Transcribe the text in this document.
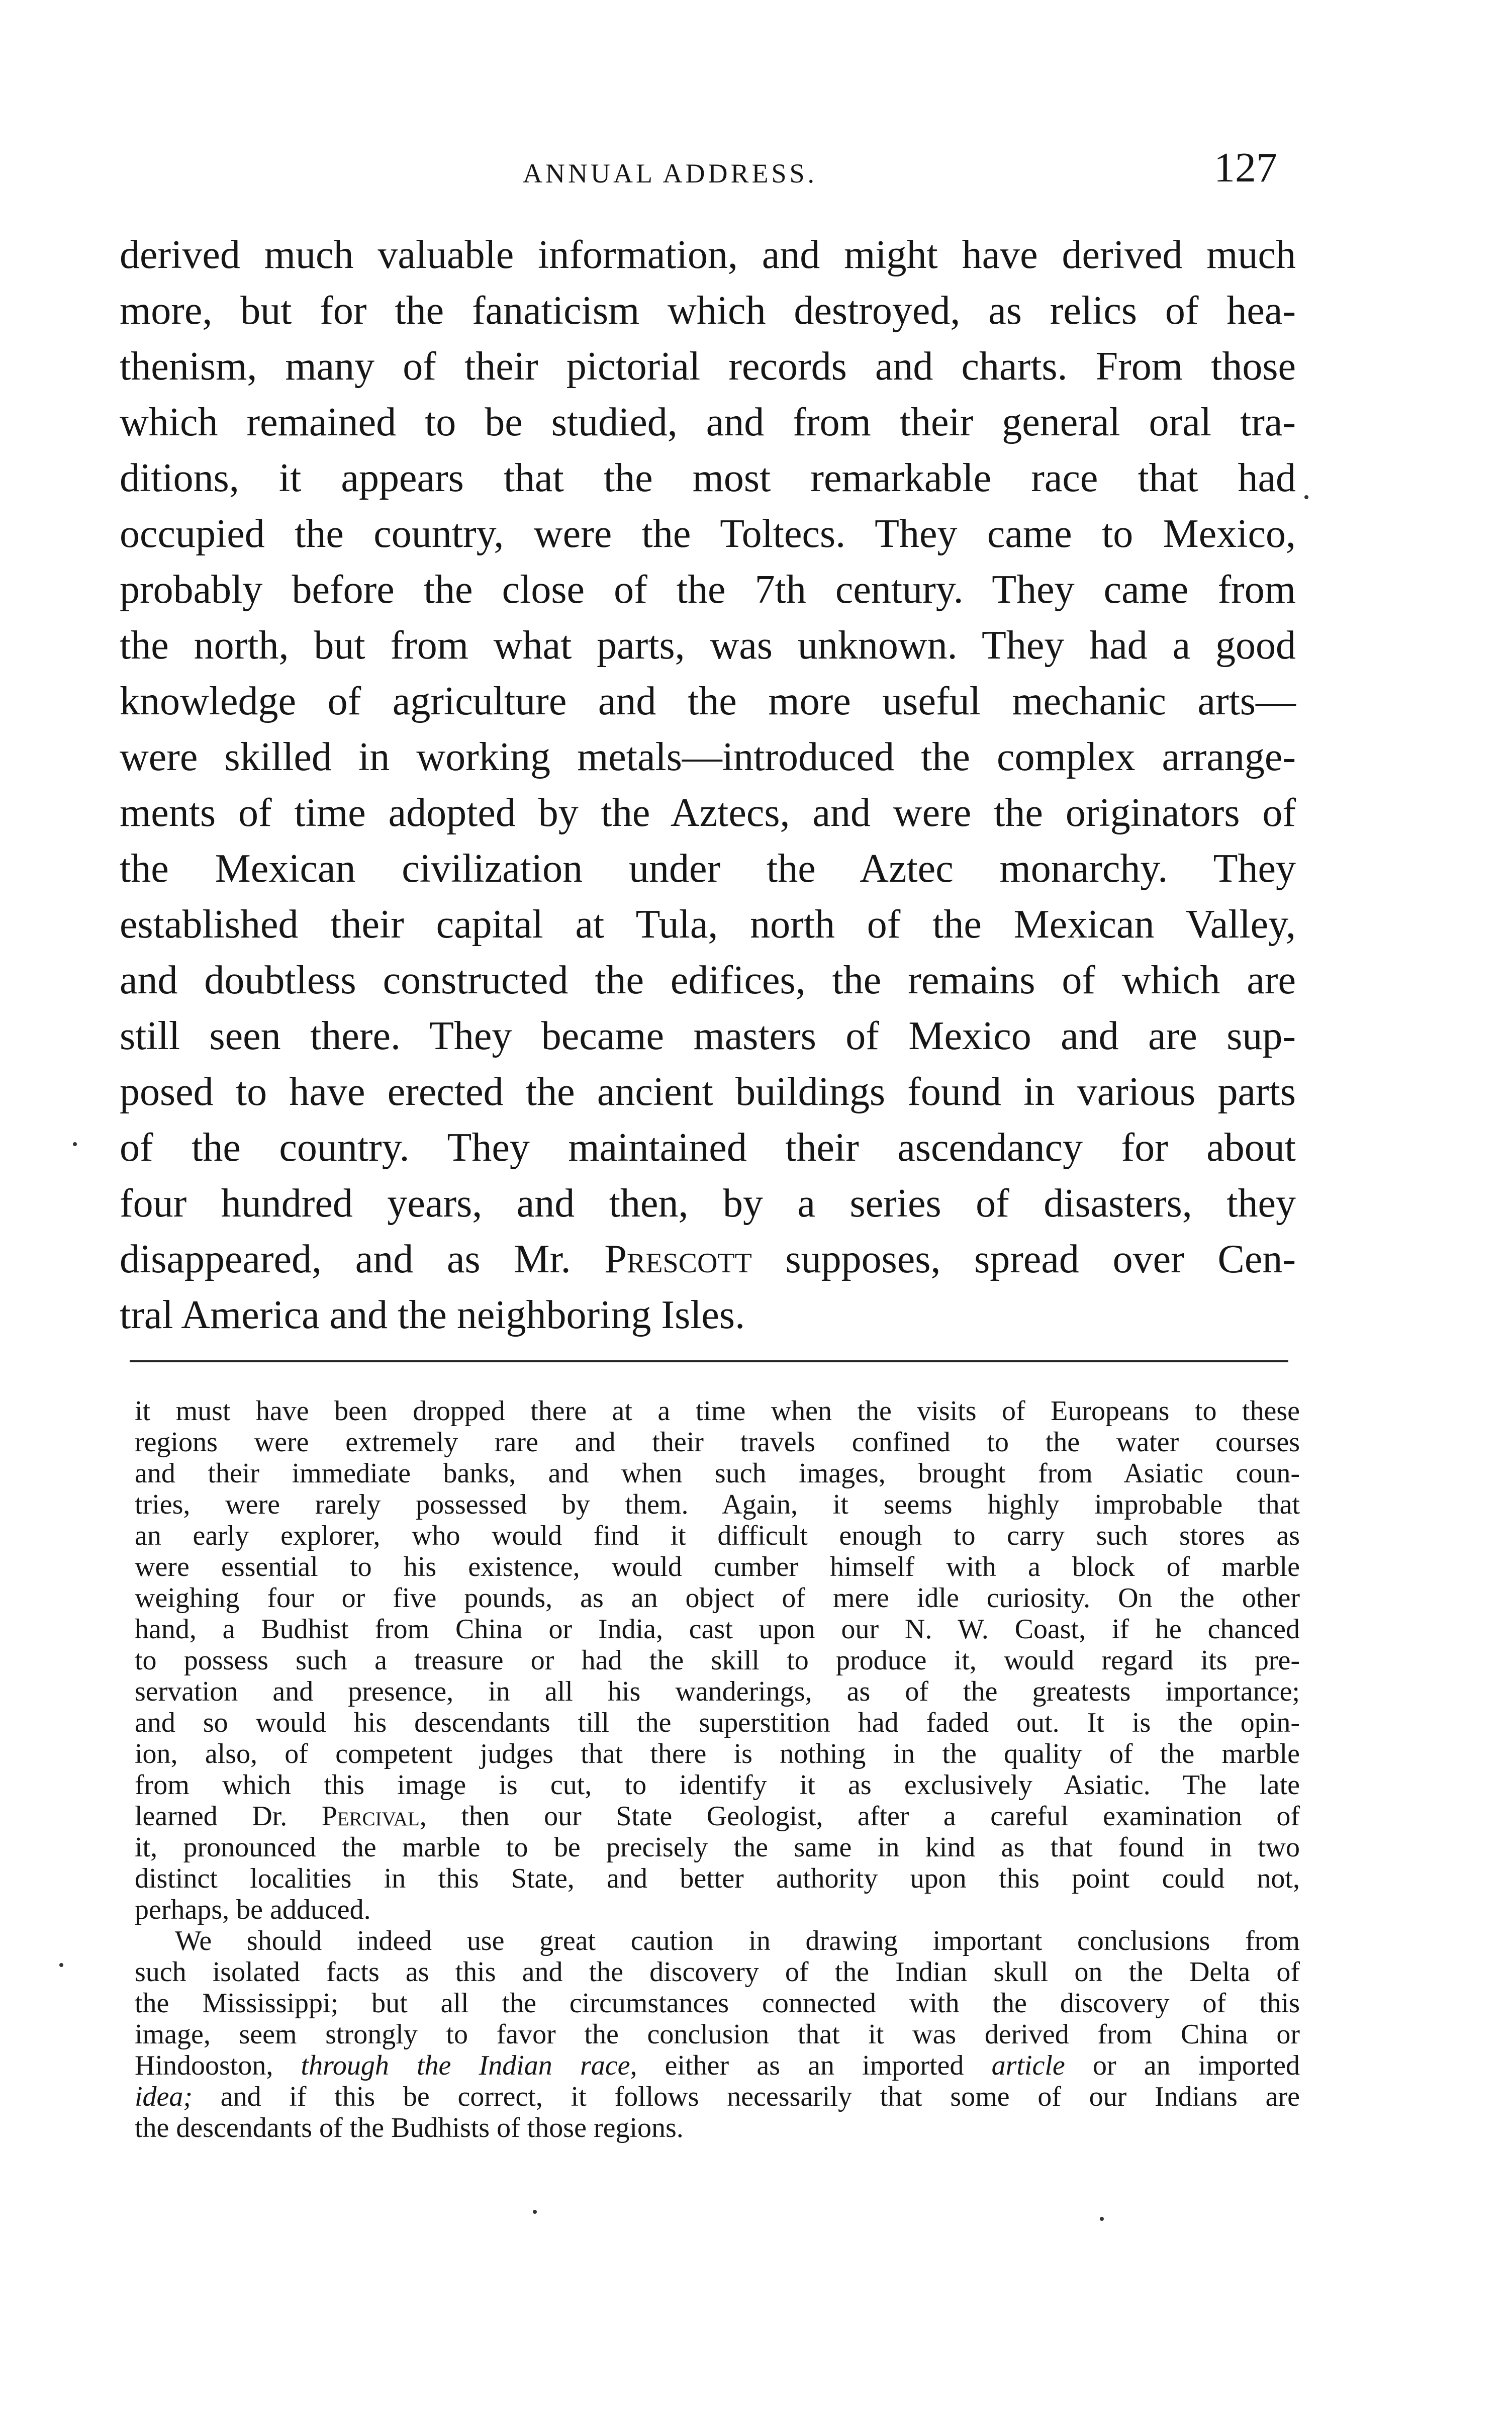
ANNUAL ADDRESS.	127
derived much valuable information, and might have derived much
more, but for the fanaticism which destroyed, as relics of hea-
thenism, many of their pictorial records and charts. From those
which remained to be studied, and from their general oral tra-
ditions, it appears that the most remarkable race that had
occupied the country, were the Toltecs. They came to Mexico,
probably before the close of the 7th century. They came from
the north, but from what parts, was unknown. They had a good
knowledge of agriculture and the more useful mechanic arts—
were skilled in working metals—introduced the complex arrange-
ments of time adopted by the Aztecs, and were the originators of
the Mexican civilization under the Aztec monarchy. They
established their capital at Tula, north of the Mexican Valley,
and doubtless constructed the edifices, the remains of which are
still seen there. They became masters of Mexico and are sup-
posed to have erected the ancient buildings found in various parts
of the country. They maintained their ascendancy for about
four hundred years, and then, by a series of disasters, they
disappeared, and as Mr. Prescott supposes, spread over Cen-
tral America and the neighboring Isles.
it must have been dropped there at a time when the visits of Europeans to these
regions were extremely rare and their travels confined to the water courses
and their immediate banks, and when such images, brought from Asiatic coun-
tries, were rarely possessed by them. Again, it seems highly improbable that
an early explorer, who would find it difficult enough to carry such stores as
were essential to his existence, would cumber himself with a block of marble
weighing four or five pounds, as an object of mere idle curiosity. On the other
hand, a Budhist from China or India, cast upon our N. W. Coast, if he chanced
to possess such a treasure or had the skill to produce it, would regard its pre-
servation and presence, in all his wanderings, as of the greatests importance;
and so would his descendants till the superstition had faded out. It is the opin-
ion, also, of competent judges that there is nothing in the quality of the marble
from which this image is cut, to identify it as exclusively Asiatic. The late
learned Dr. Percival, then our State Geologist, after a careful examination of
it, pronounced the marble to be precisely the same in kind as that found in two
distinct localities in this State, and better authority upon this point could not,
perhaps, be adduced.
We should indeed use great caution in drawing important conclusions from
such isolated facts as this and the discovery of the Indian skull on the Delta of
the Mississippi; but all the circumstances connected with the discovery of this
image, seem strongly to favor the conclusion that it was derived from China or
Hindooston, through the Indian race, either as an imported article or an imported
idea; and if this be correct, it follows necessarily that some of our Indians are
the descendants of the Budhists of those regions.
